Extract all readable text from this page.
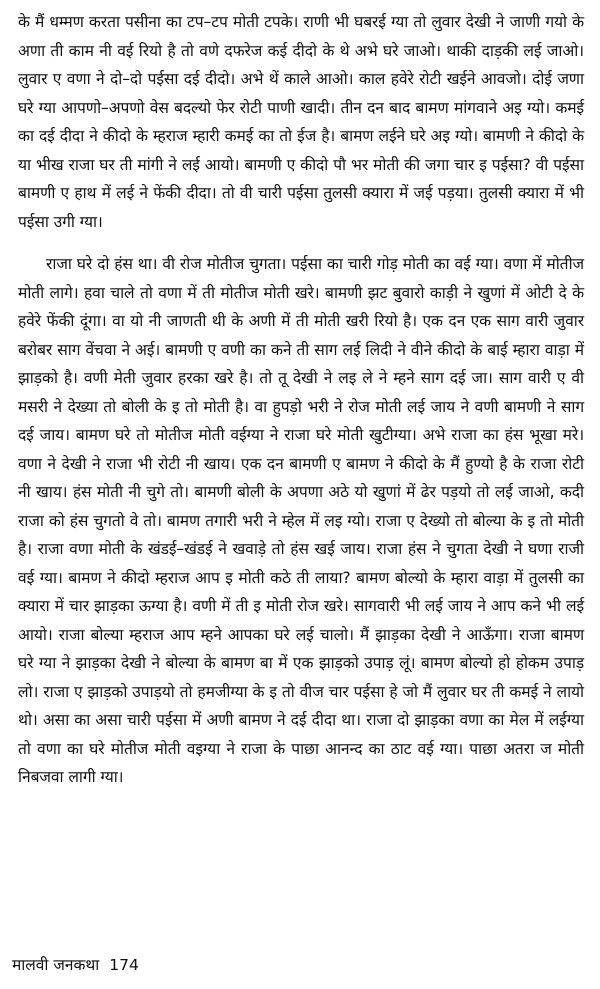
के मैं धम्मण करता पसीना का टप–टप मोती टपके। राणी भी घबरई ग्या तो लुवार देखी ने जाणी गयो के अणा ती काम नी वई रियो है तो वणे दफरेज कई दीदो के थे अभे घरे जाओ। थाकी दाड़की लई जाओ। लुवार ए वणा ने दो–दो पईसा दई दीदो। अभे थें काले आओ। काल हवेरे रोटी खईने आवजो। दोई जणा घरे ग्या आपणो–अपणो वेस बदल्यो फेर रोटी पाणी खादी। तीन दन बाद बामण मांगवाने अइ ग्यो। कमई का दई दीदा ने कीदो के म्हराज म्हारी कमई का तो ईज है। बामण लईने घरे अइ ग्यो। बामणी ने कीदो के या भीख राजा घर ती मांगी ने लई आयो। बामणी ए कीदो पौ भर मोती की जगा चार इ पईसा? वी पईसा बामणी ए हाथ में लई ने फेंकी दीदा। तो वी चारी पईसा तुलसी क्यारा में जई पड़या। तुलसी क्यारा में भी पईसा उगी ग्या।

राजा घरे दो हंस था। वी रोज मोतीज चुगता। पईसा का चारी गोड़ मोती का वई ग्या। वणा में मोतीज मोती लागे। हवा चाले तो वणा में ती मोतीज मोती खरे। बामणी झट बुवारो काड़ी ने खुणां में ओटी दे के हवेरे फेंकी दूंगा। वा यो नी जाणती थी के अणी में ती मोती खरी रियो है। एक दन एक साग वारी जुवार बरोबर साग वेंचवा ने अई। बामणी ए वणी का कने ती साग लई लिदी ने वीने कीदो के बाई म्हारा वाड़ा में झाड़को है। वणी मेती जुवार हरका खरे है। तो तू देखी ने लइ ले ने म्हने साग दई जा। साग वारी ए वी मसरी ने देख्या तो बोली के इ तो मोती है। वा हुपड़ो भरी ने रोज मोती लई जाय ने वणी बामणी ने साग दई जाय। बामण घरे तो मोतीज मोती वईग्या ने राजा घरे मोती खुटीग्या। अभे राजा का हंस भूखा मरे। वणा ने देखी ने राजा भी रोटी नी खाय। एक दन बामणी ए बामण ने कीदो के मैं हुण्यो है के राजा रोटी नी खाय। हंस मोती नी चुगे तो। बामणी बोली के अपणा अठे यो खुणां में ढेर पड़यो तो लई जाओ, कदी राजा को हंस चुगतो वे तो। बामण तगारी भरी ने म्हेल में लइ ग्यो। राजा ए देख्यो तो बोल्या के इ तो मोती है। राजा वणा मोती के खंडई–खंडई ने खवाड़े तो हंस खई जाय। राजा हंस ने चुगता देखी ने घणा राजी वई ग्या। बामण ने कीदो म्हराज आप इ मोती कठे ती लाया? बामण बोल्यो के म्हारा वाड़ा में तुलसी का क्यारा में चार झाड़का ऊग्या है। वणी में ती इ मोती रोज खरे। सागवारी भी लई जाय ने आप कने भी लई आयो। राजा बोल्या म्हराज आप म्हने आपका घरे लई चालो। मैं झाड़का देखी ने आऊँगा। राजा बामण घरे ग्या ने झाड़का देखी ने बोल्या के बामण बा में एक झाड़को उपाड़ लूं। बामण बोल्यो हो होकम उपाड़ लो। राजा ए झाड़को उपाड़यो तो हमजीग्या के इ तो वीज चार पईसा हे जो मैं लुवार घर ती कमई ने लायो थो। असा का असा चारी पईसा में अणी बामण ने दई दीदा था। राजा दो झाड़का वणा का मेल में लईग्या तो वणा का घरे मोतीज मोती वइग्या ने राजा के पाछा आनन्द का ठाट वई ग्या। पाछा अतरा ज मोती निबजवा लागी ग्या।

मालवी जनकथा 174
